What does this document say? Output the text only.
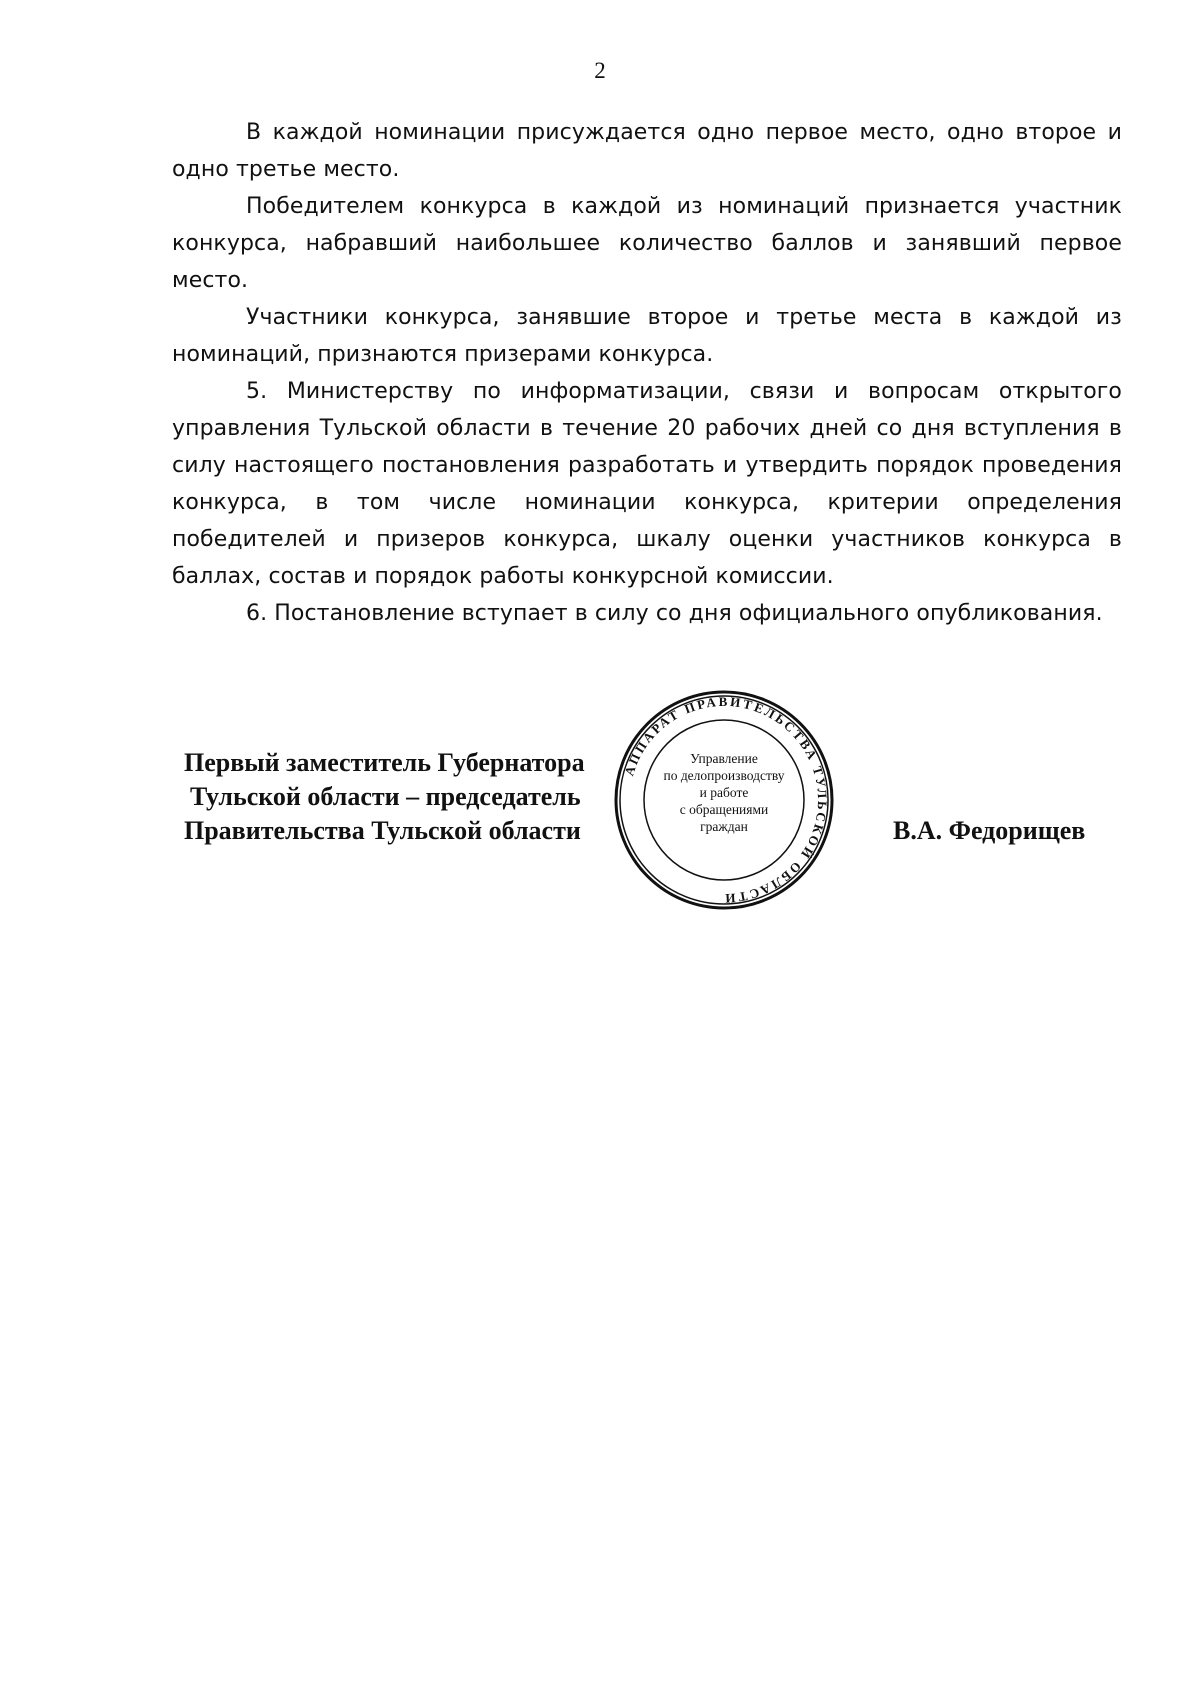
2

В каждой номинации присуждается одно первое место, одно второе и одно третье место.

Победителем конкурса в каждой из номинаций признается участник конкурса, набравший наибольшее количество баллов и занявший первое место.

Участники конкурса, занявшие второе и третье места в каждой из номинаций, признаются призерами конкурса.

5. Министерству по информатизации, связи и вопросам открытого управления Тульской области в течение 20 рабочих дней со дня вступления в силу настоящего постановления разработать и утвердить порядок проведения конкурса, в том числе номинации конкурса, критерии определения победителей и призеров конкурса, шкалу оценки участников конкурса в баллах, состав и порядок работы конкурсной комиссии.

6. Постановление вступает в силу со дня официального опубликования.

АППАРАТ ПРАВИТЕЛЬСТВА ТУЛЬСКОЙ ОБЛАСТИ
Управление
по делопроизводству
и работе
с обращениями
граждан
Первый заместитель Губернатора
Тульской области – председатель
Правительства Тульской области	В.А. Федорищев
